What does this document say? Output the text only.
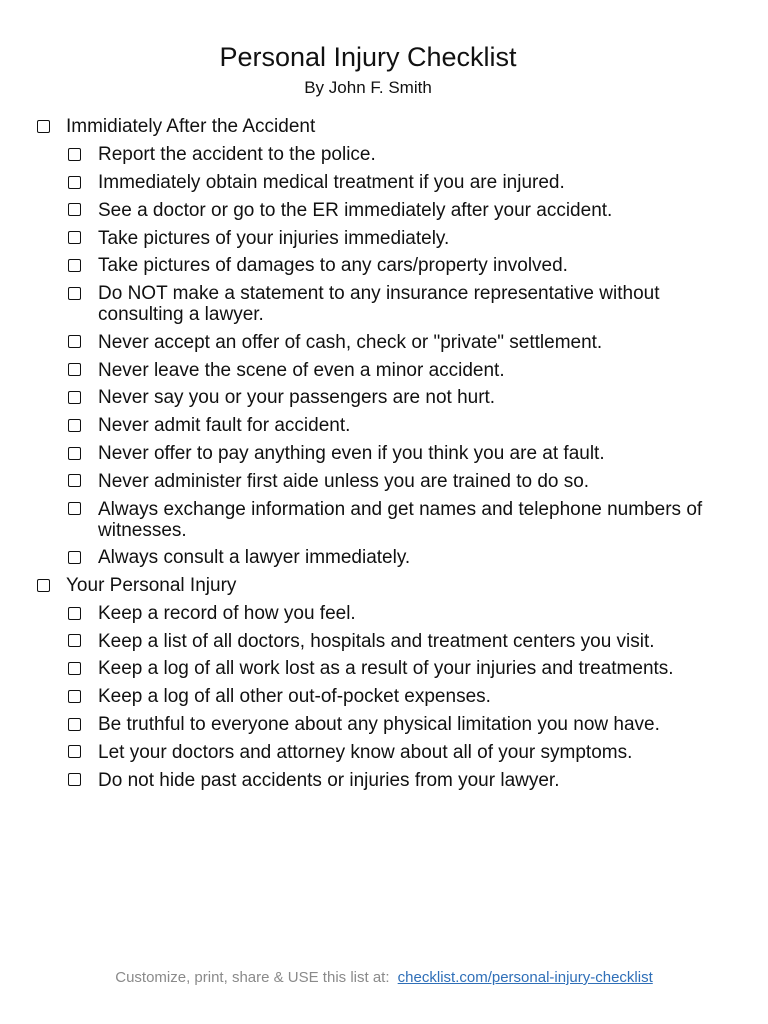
Personal Injury Checklist
By John F. Smith
Immidiately After the Accident
Report the accident to the police.
Immediately obtain medical treatment if you are injured.
See a doctor or go to the ER immediately after your accident.
Take pictures of your injuries immediately.
Take pictures of damages to any cars/property involved.
Do NOT make a statement to any insurance representative without consulting a lawyer.
Never accept an offer of cash, check or "private" settlement.
Never leave the scene of even a minor accident.
Never say you or your passengers are not hurt.
Never admit fault for accident.
Never offer to pay anything even if you think you are at fault.
Never administer first aide unless you are trained to do so.
Always exchange information and get names and telephone numbers of witnesses.
Always consult a lawyer immediately.
Your Personal Injury
Keep a record of how you feel.
Keep a list of all doctors, hospitals and treatment centers you visit.
Keep a log of all work lost as a result of your injuries and treatments.
Keep a log of all other out-of-pocket expenses.
Be truthful to everyone about any physical limitation you now have.
Let your doctors and attorney know about all of your symptoms.
Do not hide past accidents or injuries from your lawyer.
Customize, print, share & USE this list at: checklist.com/personal-injury-checklist
